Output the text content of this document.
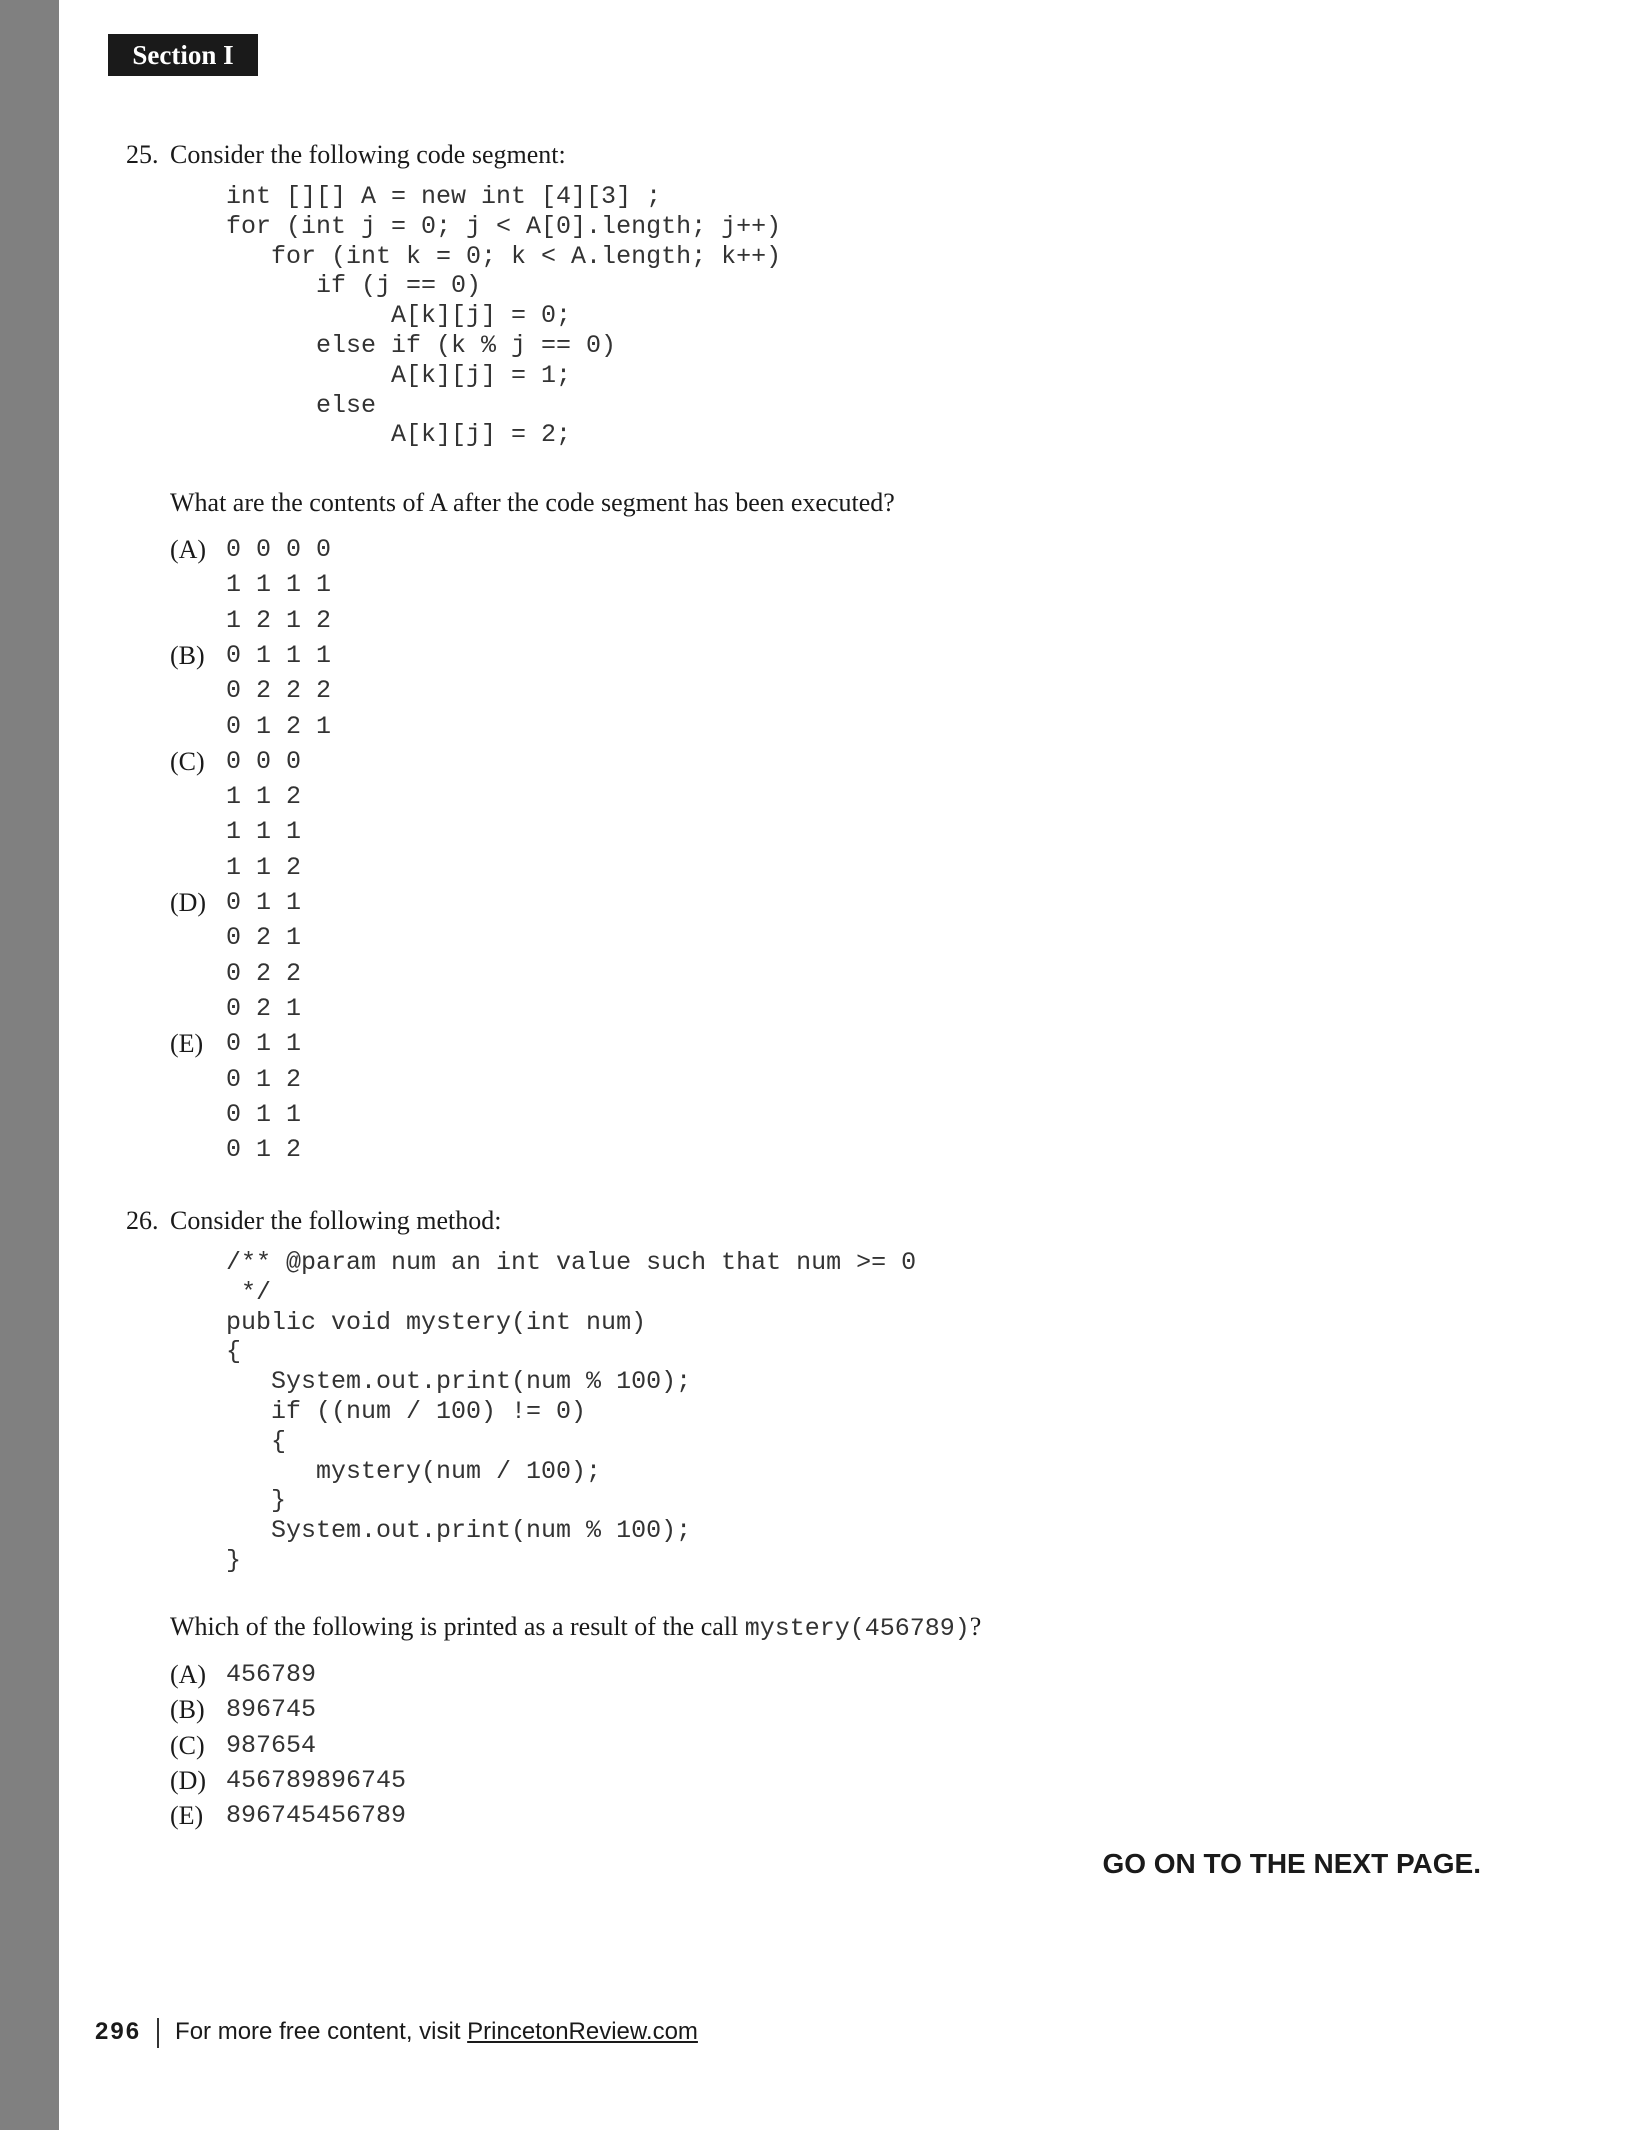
Section I
25. Consider the following code segment:
int [][] A = new int [4][3] ;
for (int j = 0; j < A[0].length; j++)
for (int k = 0; k < A.length; k++)
if (j == 0)
A[k][j] = 0;
else if (k % j == 0)
A[k][j] = 1;
else
A[k][j] = 2;
What are the contents of A after the code segment has been executed?
(A) 0 0 0 0
1 1 1 1
1 2 1 2
(B) 0 1 1 1
0 2 2 2
0 1 2 1
(C) 0 0 0
1 1 2
1 1 1
1 1 2
(D) 0 1 1
0 2 1
0 2 2
0 2 1
(E) 0 1 1
0 1 2
0 1 1
0 1 2
26. Consider the following method:
/** @param num an int value such that num >= 0
*/
public void mystery(int num)
{
System.out.print(num % 100);
if ((num / 100) != 0)
{
mystery(num / 100);
}
System.out.print(num % 100);
}
Which of the following is printed as a result of the call mystery(456789)?
(A) 456789
(B) 896745
(C) 987654
(D) 456789896745
(E) 896745456789
GO ON TO THE NEXT PAGE.
296 For more free content, visit PrincetonReview.com
